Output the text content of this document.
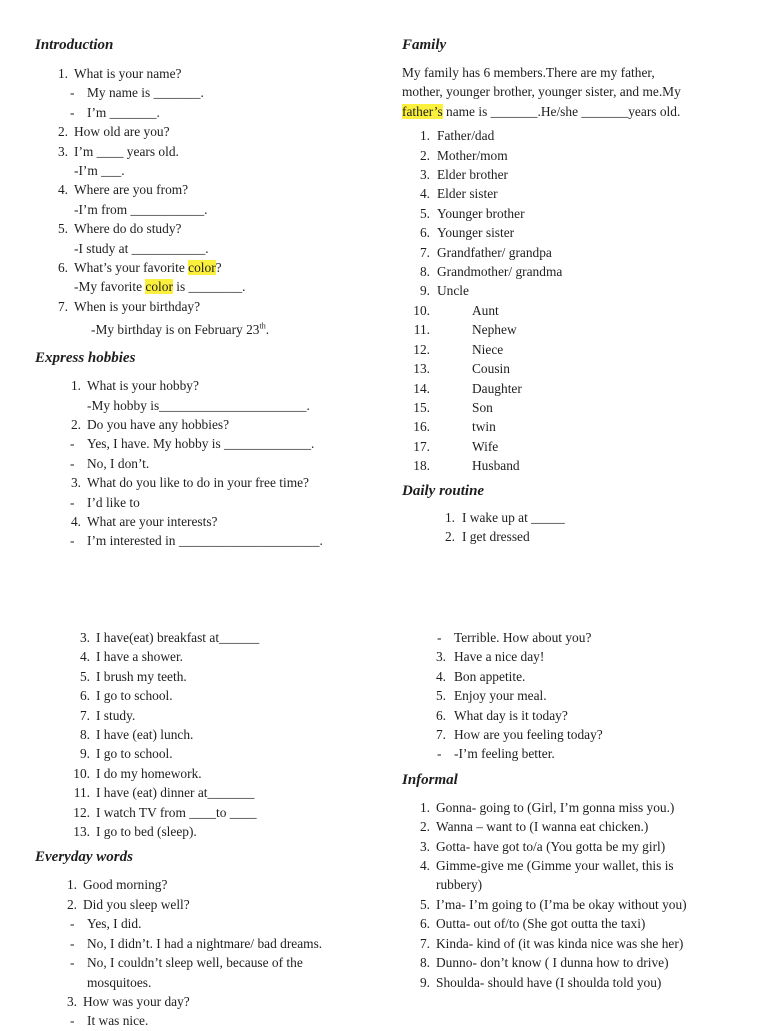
Introduction
1. What is your name?
- My name is _______.
- I’m _______.
2. How old are you?
3. I’m ____ years old.
-I’m ___.
4. Where are you from?
-I’m from ___________.
5. Where do do study?
-I study at ___________.
6. What’s your favorite color?
-My favorite color is ________.
7. When is your birthday?
-My birthday is on February 23th.
Express hobbies
1. What is your hobby?
-My hobby is______________________.
2. Do you have any hobbies?
- Yes, I have. My hobby is _____________.
- No, I don’t.
3. What do you like to do in your free time?
- I’d like to
4. What are your interests?
- I’m interested in _____________________.
Family
My family has 6 members.There are my father,
mother, younger brother, younger sister, and me.My
father’s name is _______.He/she _______years old.
1. Father/dad
2. Mother/mom
3. Elder brother
4. Elder sister
5. Younger brother
6. Younger sister
7. Grandfather/ grandpa
8. Grandmother/ grandma
9. Uncle
10.	Aunt
11.	Nephew
12.	Niece
13.	Cousin
14.	Daughter
15.	Son
16.	twin
17.	Wife
18.	Husband
Daily routine
1. I wake up at _____
2. I get dressed
3. I have(eat) breakfast at______
4. I have a shower.
5. I brush my teeth.
6. I go to school.
7. I study.
8. I have (eat) lunch.
9. I go to school.
10. I do my homework.
11. I have (eat) dinner at_______
12. I watch TV from ____to ____
13. I go to bed (sleep).
Everyday words
1. Good morning?
2. Did you sleep well?
- Yes, I did.
- No, I didn’t. I had a nightmare/ bad dreams.
- No, I couldn’t sleep well, because of the
mosquitoes.
3. How was your day?
- It was nice.
- Terrible. How about you?
3. Have a nice day!
4. Bon appetite.
5. Enjoy your meal.
6. What day is it today?
7. How are you feeling today?
- -I’m feeling better.
Informal
1. Gonna- going to (Girl, I’m gonna miss you.)
2. Wanna – want to (I wanna eat chicken.)
3. Gotta- have got to/a (You gotta be my girl)
4. Gimme-give me (Gimme your wallet, this is
rubbery)
5. I’ma- I’m going to (I’ma be okay without you)
6. Outta- out of/to (She got outta the taxi)
7. Kinda- kind of (it was kinda nice was she her)
8. Dunno- don’t know ( I dunna how to drive)
9. Shoulda- should have (I shoulda told you)
